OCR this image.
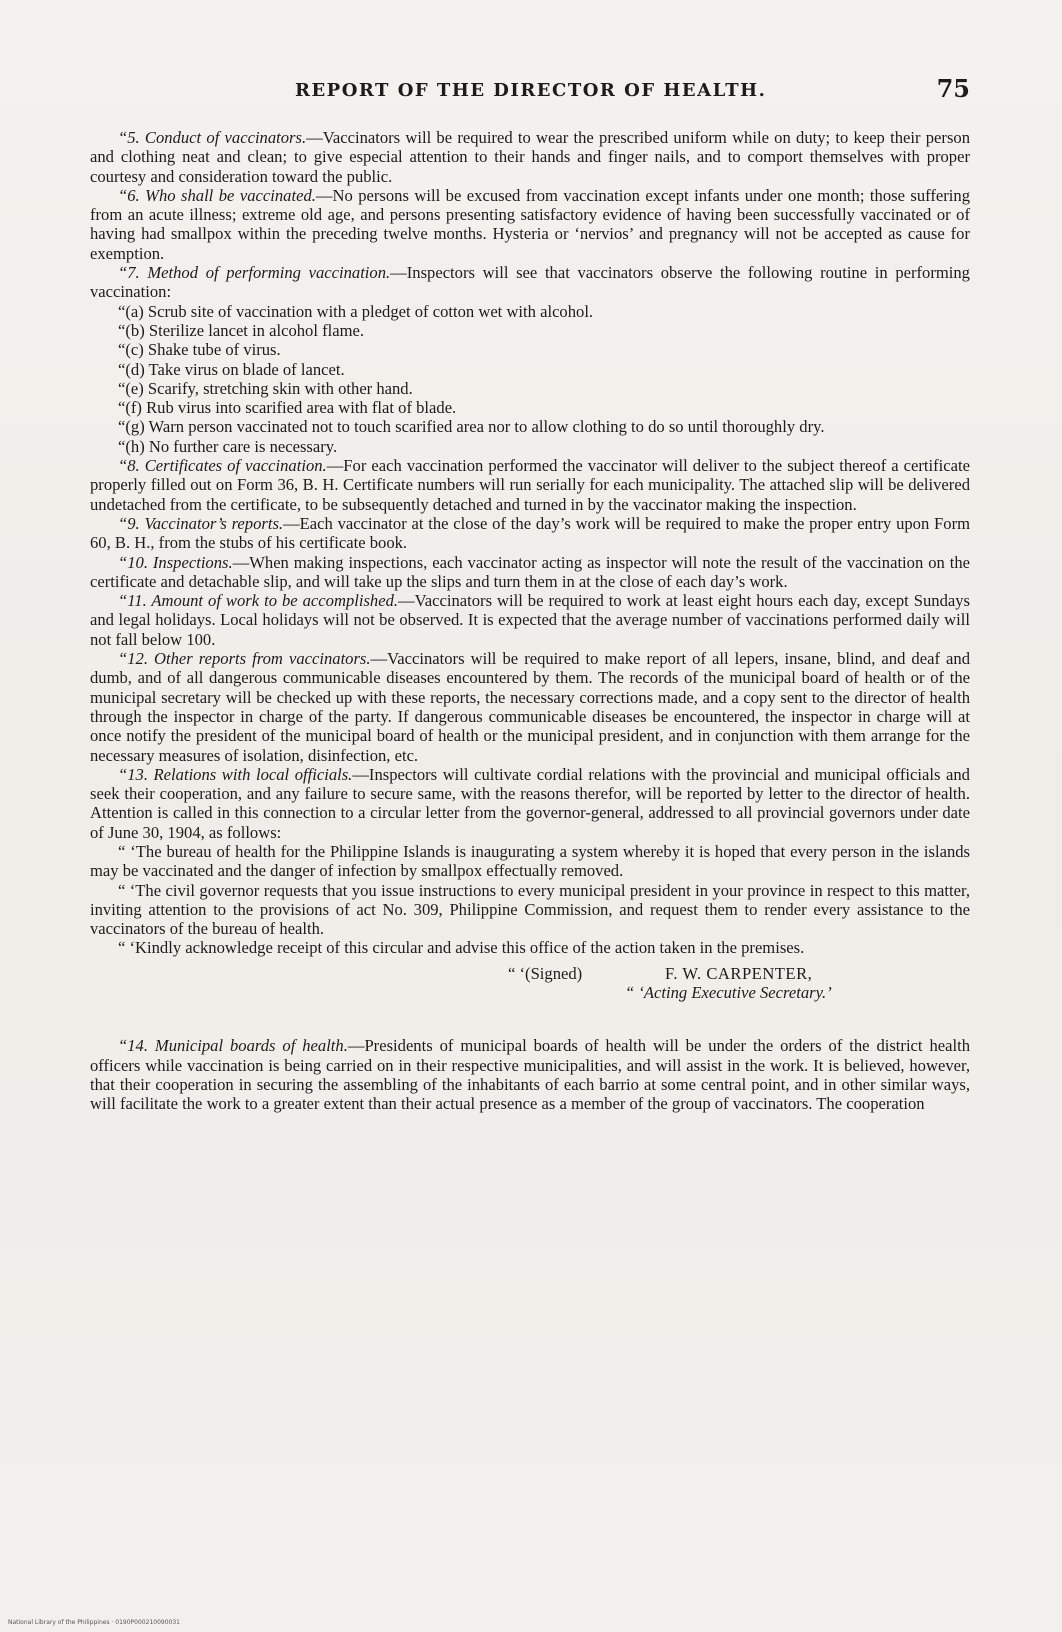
REPORT OF THE DIRECTOR OF HEALTH.	75

“5. Conduct of vaccinators.—Vaccinators will be required to wear the prescribed uniform while on duty; to keep their person and clothing neat and clean; to give especial attention to their hands and finger nails, and to comport themselves with proper courtesy and consideration toward the public.

“6. Who shall be vaccinated.—No persons will be excused from vaccination except infants under one month; those suffering from an acute illness; extreme old age, and persons presenting satisfactory evidence of having been successfully vaccinated or of having had smallpox within the preceding twelve months. Hysteria or ‘nervios’ and pregnancy will not be accepted as cause for exemption.

“7. Method of performing vaccination.—Inspectors will see that vaccinators observe the following routine in performing vaccination:

“(a) Scrub site of vaccination with a pledget of cotton wet with alcohol.

“(b) Sterilize lancet in alcohol flame.

“(c) Shake tube of virus.

“(d) Take virus on blade of lancet.

“(e) Scarify, stretching skin with other hand.

“(f) Rub virus into scarified area with flat of blade.

“(g) Warn person vaccinated not to touch scarified area nor to allow clothing to do so until thoroughly dry.

“(h) No further care is necessary.

“8. Certificates of vaccination.—For each vaccination performed the vaccinator will deliver to the subject thereof a certificate properly filled out on Form 36, B. H. Certificate numbers will run serially for each municipality. The attached slip will be delivered undetached from the certificate, to be subsequently detached and turned in by the vaccinator making the inspection.

“9. Vaccinator’s reports.—Each vaccinator at the close of the day’s work will be required to make the proper entry upon Form 60, B. H., from the stubs of his certificate book.

“10. Inspections.—When making inspections, each vaccinator acting as inspector will note the result of the vaccination on the certificate and detachable slip, and will take up the slips and turn them in at the close of each day’s work.

“11. Amount of work to be accomplished.—Vaccinators will be required to work at least eight hours each day, except Sundays and legal holidays. Local holidays will not be observed. It is expected that the average number of vaccinations performed daily will not fall below 100.

“12. Other reports from vaccinators.—Vaccinators will be required to make report of all lepers, insane, blind, and deaf and dumb, and of all dangerous communicable diseases encountered by them. The records of the municipal board of health or of the municipal secretary will be checked up with these reports, the necessary corrections made, and a copy sent to the director of health through the inspector in charge of the party. If dangerous communicable diseases be encountered, the inspector in charge will at once notify the president of the municipal board of health or the municipal president, and in conjunction with them arrange for the necessary measures of isolation, disinfection, etc.

“13. Relations with local officials.—Inspectors will cultivate cordial relations with the provincial and municipal officials and seek their cooperation, and any failure to secure same, with the reasons therefor, will be reported by letter to the director of health. Attention is called in this connection to a circular letter from the governor-general, addressed to all provincial governors under date of June 30, 1904, as follows:

“ ‘The bureau of health for the Philippine Islands is inaugurating a system whereby it is hoped that every person in the islands may be vaccinated and the danger of infection by smallpox effectually removed.

“ ‘The civil governor requests that you issue instructions to every municipal president in your province in respect to this matter, inviting attention to the provisions of act No. 309, Philippine Commission, and request them to render every assistance to the vaccinators of the bureau of health.

“ ‘Kindly acknowledge receipt of this circular and advise this office of the action taken in the premises.

“ ‘(Signed)	F. W. CARPENTER,
“ ‘Acting Executive Secretary.’

“14. Municipal boards of health.—Presidents of municipal boards of health will be under the orders of the district health officers while vaccination is being carried on in their respective municipalities, and will assist in the work. It is believed, however, that their cooperation in securing the assembling of the inhabitants of each barrio at some central point, and in other similar ways, will facilitate the work to a greater extent than their actual presence as a member of the group of vaccinators. The cooperation

National Library of the Philippines · 0190P000210090031
